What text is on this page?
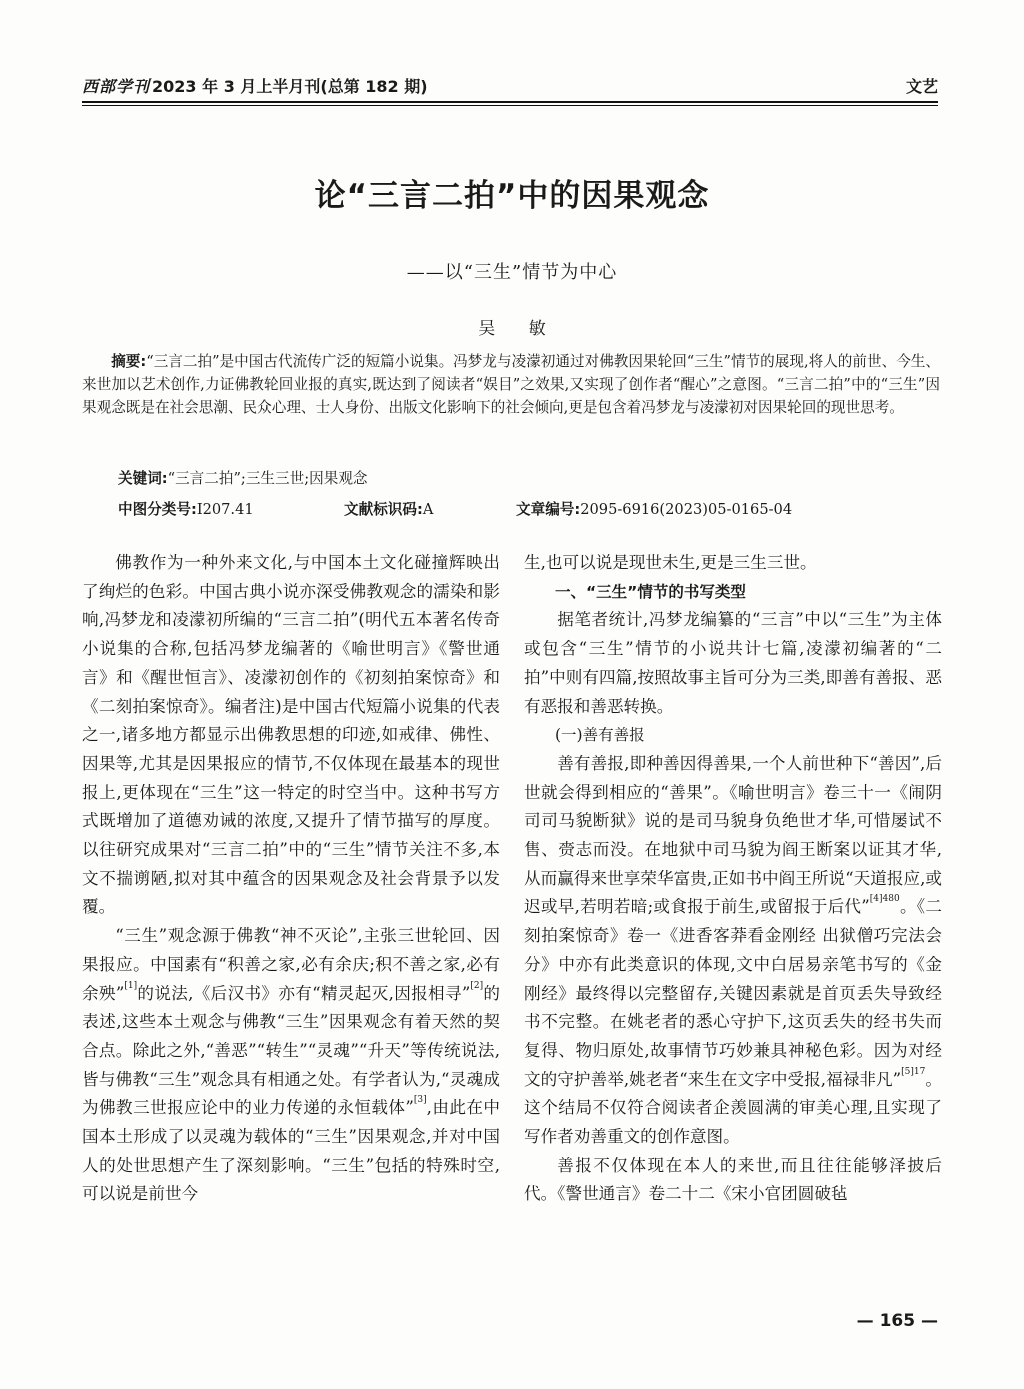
西部学刊 2023 年 3 月上半月刊(总第 182 期)	文艺
论“三言二拍”中的因果观念
——以“三生”情节为中心
吴 敏
摘要:“三言二拍”是中国古代流传广泛的短篇小说集。冯梦龙与凌濛初通过对佛教因果轮回“三生”情节的展现,将人的前世、今生、来世加以艺术创作,力证佛教轮回业报的真实,既达到了阅读者“娱目”之效果,又实现了创作者“醒心”之意图。“三言二拍”中的“三生”因果观念既是在社会思潮、民众心理、士人身份、出版文化影响下的社会倾向,更是包含着冯梦龙与凌濛初对因果轮回的现世思考。
关键词:“三言二拍”;三生三世;因果观念
中图分类号:I207.41	文献标识码:A	文章编号:2095-6916(2023)05-0165-04

佛教作为一种外来文化,与中国本土文化碰撞辉映出了绚烂的色彩。中国古典小说亦深受佛教观念的濡染和影响,冯梦龙和凌濛初所编的“三言二拍”(明代五本著名传奇小说集的合称,包括冯梦龙编著的《喻世明言》《警世通言》和《醒世恒言》、凌濛初创作的《初刻拍案惊奇》和《二刻拍案惊奇》。编者注)是中国古代短篇小说集的代表之一,诸多地方都显示出佛教思想的印迹,如戒律、佛性、因果等,尤其是因果报应的情节,不仅体现在最基本的现世报上,更体现在“三生”这一特定的时空当中。这种书写方式既增加了道德劝诫的浓度,又提升了情节描写的厚度。以往研究成果对“三言二拍”中的“三生”情节关注不多,本文不揣谫陋,拟对其中蕴含的因果观念及社会背景予以发覆。

“三生”观念源于佛教“神不灭论”,主张三世轮回、因果报应。中国素有“积善之家,必有余庆;积不善之家,必有余殃”[1]的说法,《后汉书》亦有“精灵起灭,因报相寻”[2]的表述,这些本土观念与佛教“三生”因果观念有着天然的契合点。除此之外,“善恶”“转生”“灵魂”“升天”等传统说法,皆与佛教“三生”观念具有相通之处。有学者认为,“灵魂成为佛教三世报应论中的业力传递的永恒载体”[3],由此在中国本土形成了以灵魂为载体的“三生”因果观念,并对中国人的处世思想产生了深刻影响。“三生”包括的特殊时空,可以说是前世今

生,也可以说是现世未生,更是三生三世。

一、“三生”情节的书写类型

据笔者统计,冯梦龙编纂的“三言”中以“三生”为主体或包含“三生”情节的小说共计七篇,凌濛初编著的“二拍”中则有四篇,按照故事主旨可分为三类,即善有善报、恶有恶报和善恶转换。

(一)善有善报

善有善报,即种善因得善果,一个人前世种下“善因”,后世就会得到相应的“善果”。《喻世明言》卷三十一《闹阴司司马貌断狱》说的是司马貌身负绝世才华,可惜屡试不售、赍志而没。在地狱中司马貌为阎王断案以证其才华,从而赢得来世享荣华富贵,正如书中阎王所说“天道报应,或迟或早,若明若暗;或食报于前生,或留报于后代”$^{[4]480}$。《二刻拍案惊奇》卷一《进香客莽看金刚经 出狱僧巧完法会分》中亦有此类意识的体现,文中白居易亲笔书写的《金刚经》最终得以完整留存,关键因素就是首页丢失导致经书不完整。在姚老者的悉心守护下,这页丢失的经书失而复得、物归原处,故事情节巧妙兼具神秘色彩。因为对经文的守护善举,姚老者“来生在文字中受报,福禄非凡”$^{[5]17}$。这个结局不仅符合阅读者企羡圆满的审美心理,且实现了写作者劝善重文的创作意图。

善报不仅体现在本人的来世,而且往往能够泽披后代。《警世通言》卷二十二《宋小官团圆破毡

— 165 —
